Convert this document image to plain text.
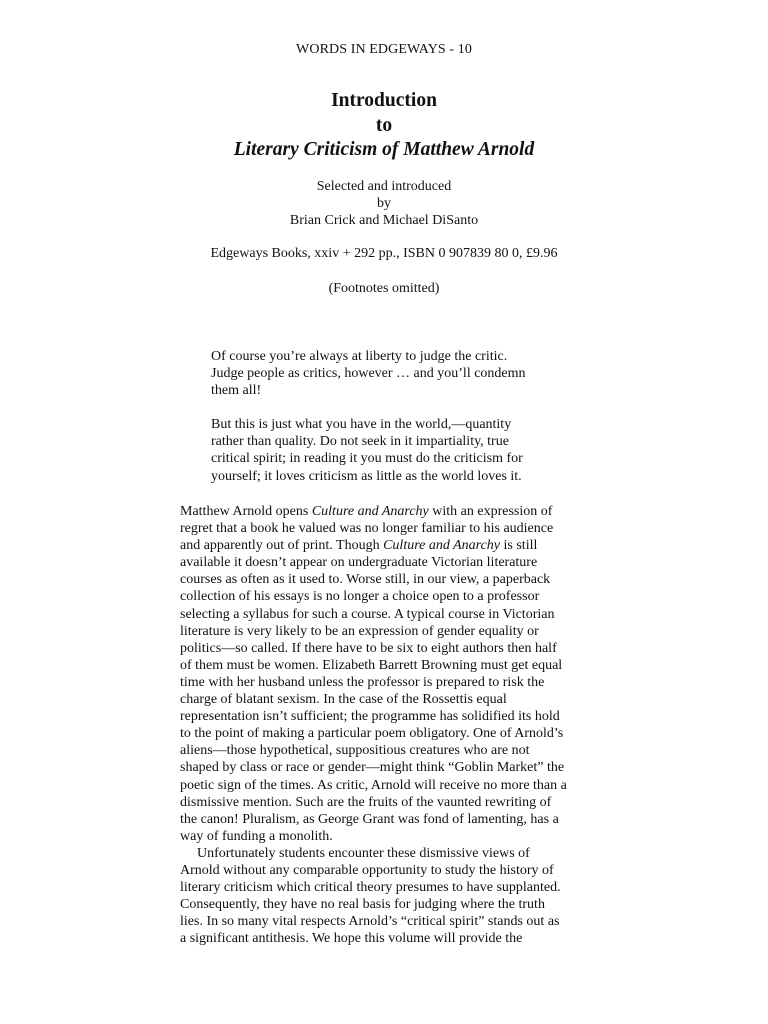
WORDS IN EDGEWAYS - 10
Introduction
to
Literary Criticism of Matthew Arnold
Selected and introduced
by
Brian Crick and Michael DiSanto
Edgeways Books, xxiv + 292 pp., ISBN 0 907839 80 0, £9.96
(Footnotes omitted)
Of course you’re always at liberty to judge the critic.
Judge people as critics, however … and you’ll condemn
them all!
But this is just what you have in the world,—quantity
rather than quality. Do not seek in it impartiality, true
critical spirit; in reading it you must do the criticism for
yourself; it loves criticism as little as the world loves it.
Matthew Arnold opens Culture and Anarchy with an expression of
regret that a book he valued was no longer familiar to his audience
and apparently out of print. Though Culture and Anarchy is still
available it doesn’t appear on undergraduate Victorian literature
courses as often as it used to. Worse still, in our view, a paperback
collection of his essays is no longer a choice open to a professor
selecting a syllabus for such a course. A typical course in Victorian
literature is very likely to be an expression of gender equality or
politics—so called. If there have to be six to eight authors then half
of them must be women. Elizabeth Barrett Browning must get equal
time with her husband unless the professor is prepared to risk the
charge of blatant sexism. In the case of the Rossettis equal
representation isn’t sufficient; the programme has solidified its hold
to the point of making a particular poem obligatory. One of Arnold’s
aliens—those hypothetical, suppositious creatures who are not
shaped by class or race or gender—might think “Goblin Market” the
poetic sign of the times. As critic, Arnold will receive no more than a
dismissive mention. Such are the fruits of the vaunted rewriting of
the canon! Pluralism, as George Grant was fond of lamenting, has a
way of funding a monolith.
Unfortunately students encounter these dismissive views of
Arnold without any comparable opportunity to study the history of
literary criticism which critical theory presumes to have supplanted.
Consequently, they have no real basis for judging where the truth
lies. In so many vital respects Arnold’s “critical spirit” stands out as
a significant antithesis. We hope this volume will provide the
